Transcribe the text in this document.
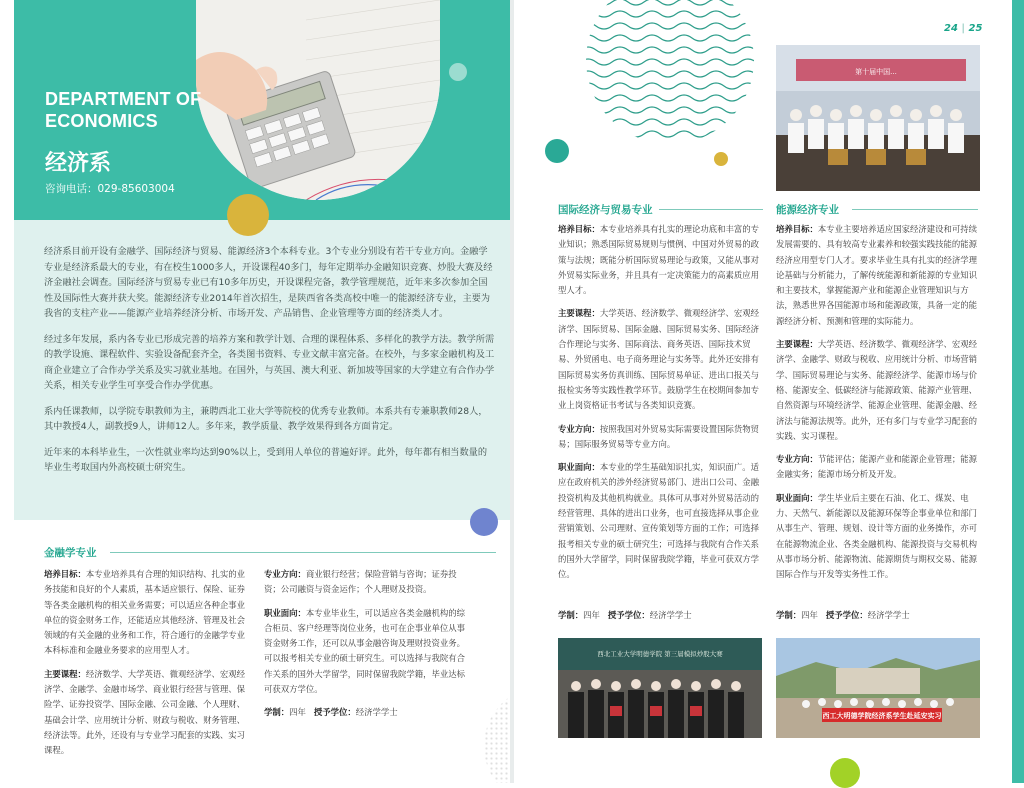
DEPARTMENT OF ECONOMICS
经济系
咨询电话：029-85603004

经济系目前开设有金融学、国际经济与贸易、能源经济3个本科专业。3个专业分别设有若干专业方向。金融学专业是经济系最大的专业，有在校生1000多人，开设课程40多门，每年定期举办金融知识竞赛、炒股大赛及经济金融社会调查。国际经济与贸易专业已有10多年历史，开设课程完备，教学管理规范，近年来多次参加全国性及国际性大赛并获大奖。能源经济专业2014年首次招生，是陕西省各类高校中唯一的能源经济专业，主要为我省的支柱产业——能源产业培养经济分析、市场开发、产品销售、企业管理等方面的经济类人才。

经过多年发展，系内各专业已形成完善的培养方案和教学计划、合理的课程体系、多样化的教学方法。教学所需的教学设施、课程软件、实验设备配套齐全，各类图书资料、专业文献丰富完备。在校外，与多家金融机构及工商企业建立了合作办学关系及实习就业基地。在国外，与英国、澳大利亚、新加坡等国家的大学建立有合作办学关系，相关专业学生可享受合作办学优惠。

系内任课教师，以学院专职教师为主，兼聘西北工业大学等院校的优秀专业教师。本系共有专兼职教师28人，其中教授4人，副教授9人，讲师12人。多年来，教学质量、教学效果得到各方面肯定。

近年来的本科毕业生，一次性就业率均达到90%以上，受到用人单位的普遍好评。此外，每年都有相当数量的毕业生考取国内外高校硕士研究生。

金融学专业

培养目标：本专业培养具有合理的知识结构、扎实的业务技能和良好的个人素质，基本适应银行、保险、证券等各类金融机构的相关业务需要；可以适应各种企事业单位的资金财务工作，还能适应其他经济、管理及社会领域的有关金融的业务和工作，符合通行的金融学专业本科标准和金融业务要求的应用型人才。

主要课程：经济数学、大学英语、微观经济学、宏观经济学、金融学、金融市场学、商业银行经营与管理、保险学、证券投资学、国际金融、公司金融、个人理财、基础会计学、应用统计分析、财政与税收、财务管理、经济法等。此外，还设有与专业学习配套的实践、实习课程。

专业方向：商业银行经营；保险营销与咨询；证券投资；公司融资与资金运作；个人理财及投资。

职业面向：本专业毕业生，可以适应各类金融机构的综合柜员、客户经理等岗位业务，也可在企事业单位从事资金财务工作，还可以从事金融咨询及理财投资业务。可以报考相关专业的硕士研究生。可以选择与我院有合作关系的国外大学留学，同时保留我院学籍，毕业达标可获双方学位。

学制：四年 授予学位：经济学学士

24 | 25
第十届中国...
国际经济与贸易专业

培养目标：本专业培养具有扎实的理论功底和丰富的专业知识；熟悉国际贸易规则与惯例、中国对外贸易的政策与法规；既能分析国际贸易理论与政策，又能从事对外贸易实际业务，并且具有一定决策能力的高素质应用型人才。

主要课程：大学英语、经济数学、微观经济学、宏观经济学、国际贸易、国际金融、国际贸易实务、国际经济合作理论与实务、国际商法、商务英语、国际技术贸易、外贸函电、电子商务理论与实务等。此外还安排有国际贸易实务仿真训练、国际贸易单证、进出口报关与报检实务等实践性教学环节。鼓励学生在校期间参加专业上岗资格证书考试与各类知识竞赛。

专业方向：按照我国对外贸易实际需要设置国际货物贸易；国际服务贸易等专业方向。

职业面向：本专业的学生基础知识扎实，知识面广。适应在政府机关的涉外经济贸易部门、进出口公司、金融投资机构及其他机构就业。具体可从事对外贸易活动的经营管理、具体的进出口业务，也可直接选择从事企业营销策划、公司理财、宣传策划等方面的工作；可选择报考相关专业的硕士研究生；可选择与我院有合作关系的国外大学留学，同时保留我院学籍，毕业可获双方学位。

学制：四年 授予学位：经济学学士
能源经济专业

培养目标：本专业主要培养适应国家经济建设和可持续发展需要的、具有较高专业素养和较强实践技能的能源经济应用型专门人才。要求毕业生具有扎实的经济学理论基础与分析能力，了解传统能源和新能源的专业知识和主要技术，掌握能源产业和能源企业管理知识与方法，熟悉世界各国能源市场和能源政策，具备一定的能源经济分析、预测和管理的实际能力。

主要课程：大学英语、经济数学、微观经济学、宏观经济学、金融学、财政与税收、应用统计分析、市场营销学、国际贸易理论与实务、能源经济学、能源市场与价格、能源安全、低碳经济与能源政策、能源产业管理、自然资源与环境经济学、能源企业管理、能源金融、经济法与能源法规等。此外，还有多门与专业学习配套的实践、实习课程。

专业方向：节能评估；能源产业和能源企业管理；能源金融实务；能源市场分析及开发。

职业面向：学生毕业后主要在石油、化工、煤炭、电力、天然气、新能源以及能源环保等企事业单位和部门从事生产、管理、规划、设计等方面的业务操作，亦可在能源物流企业、各类金融机构、能源投资与交易机构从事市场分析、能源物流、能源期货与期权交易、能源国际合作与开发等实务性工作。

学制：四年 授予学位：经济学学士
西北工业大学明德学院 第三届模拟炒股大赛
西工大明德学院经济系学生赴延安实习
